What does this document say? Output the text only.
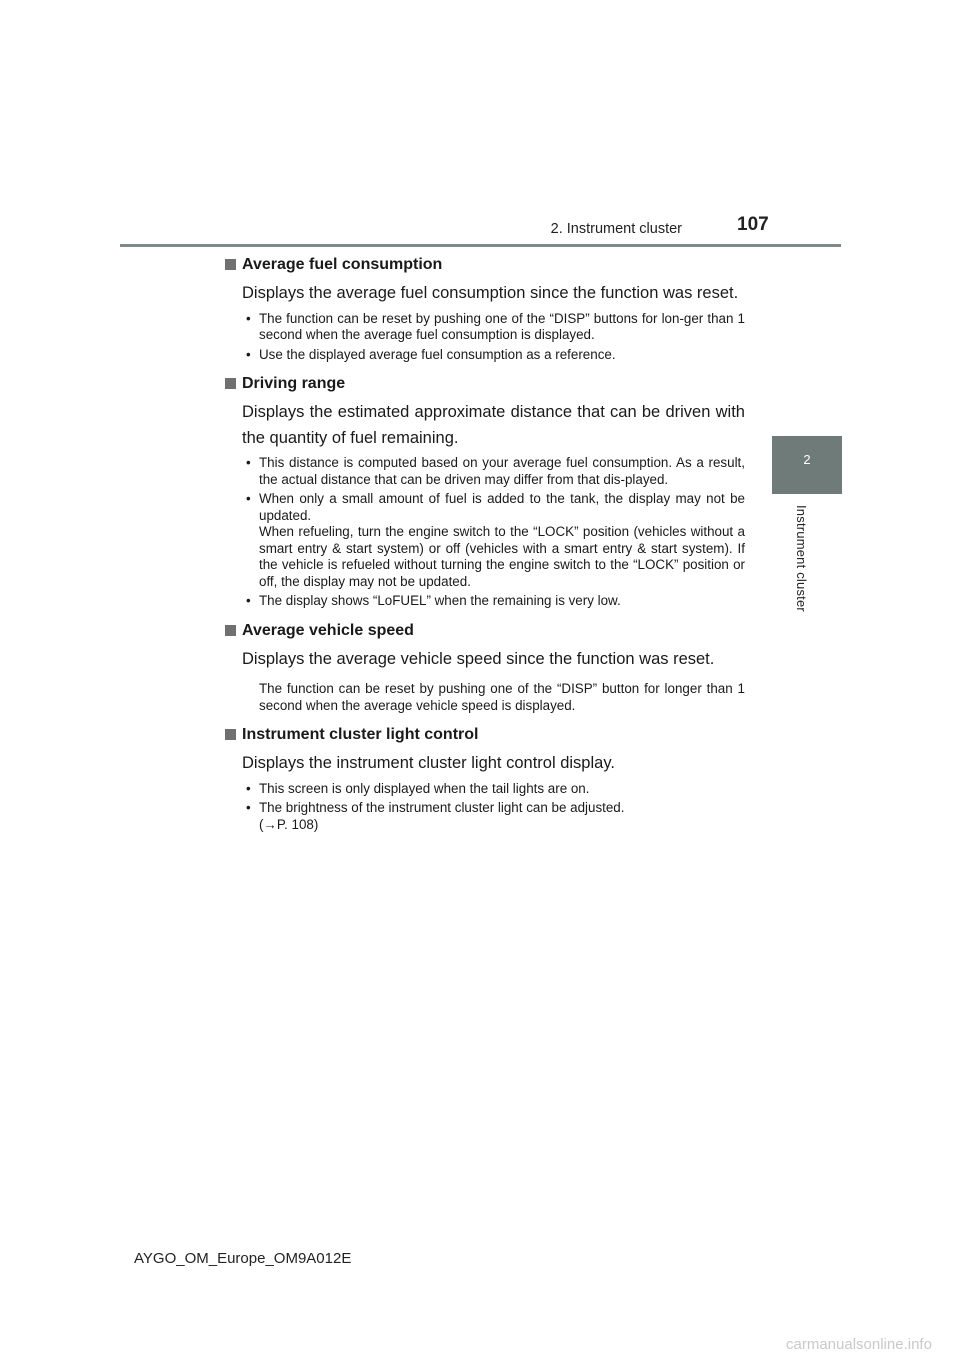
2. Instrument cluster	107
2
Instrument cluster
Average fuel consumption
Displays the average fuel consumption since the function was reset.
• The function can be reset by pushing one of the “DISP” buttons for lon-ger than 1 second when the average fuel consumption is displayed.
• Use the displayed average fuel consumption as a reference.
Driving range
Displays the estimated approximate distance that can be driven with the quantity of fuel remaining.
• This distance is computed based on your average fuel consumption. As a result, the actual distance that can be driven may differ from that dis-played.
• When only a small amount of fuel is added to the tank, the display may not be updated.
When refueling, turn the engine switch to the “LOCK” position (vehicles without a smart entry & start system) or off (vehicles with a smart entry & start system). If the vehicle is refueled without turning the engine switch to the “LOCK” position or off, the display may not be updated.
• The display shows “LoFUEL” when the remaining is very low.
Average vehicle speed
Displays the average vehicle speed since the function was reset.
The function can be reset by pushing one of the “DISP” button for longer than 1 second when the average vehicle speed is displayed.
Instrument cluster light control
Displays the instrument cluster light control display.
• This screen is only displayed when the tail lights are on.
• The brightness of the instrument cluster light can be adjusted.
(→P. 108)
AYGO_OM_Europe_OM9A012E
carmanualsonline.info
